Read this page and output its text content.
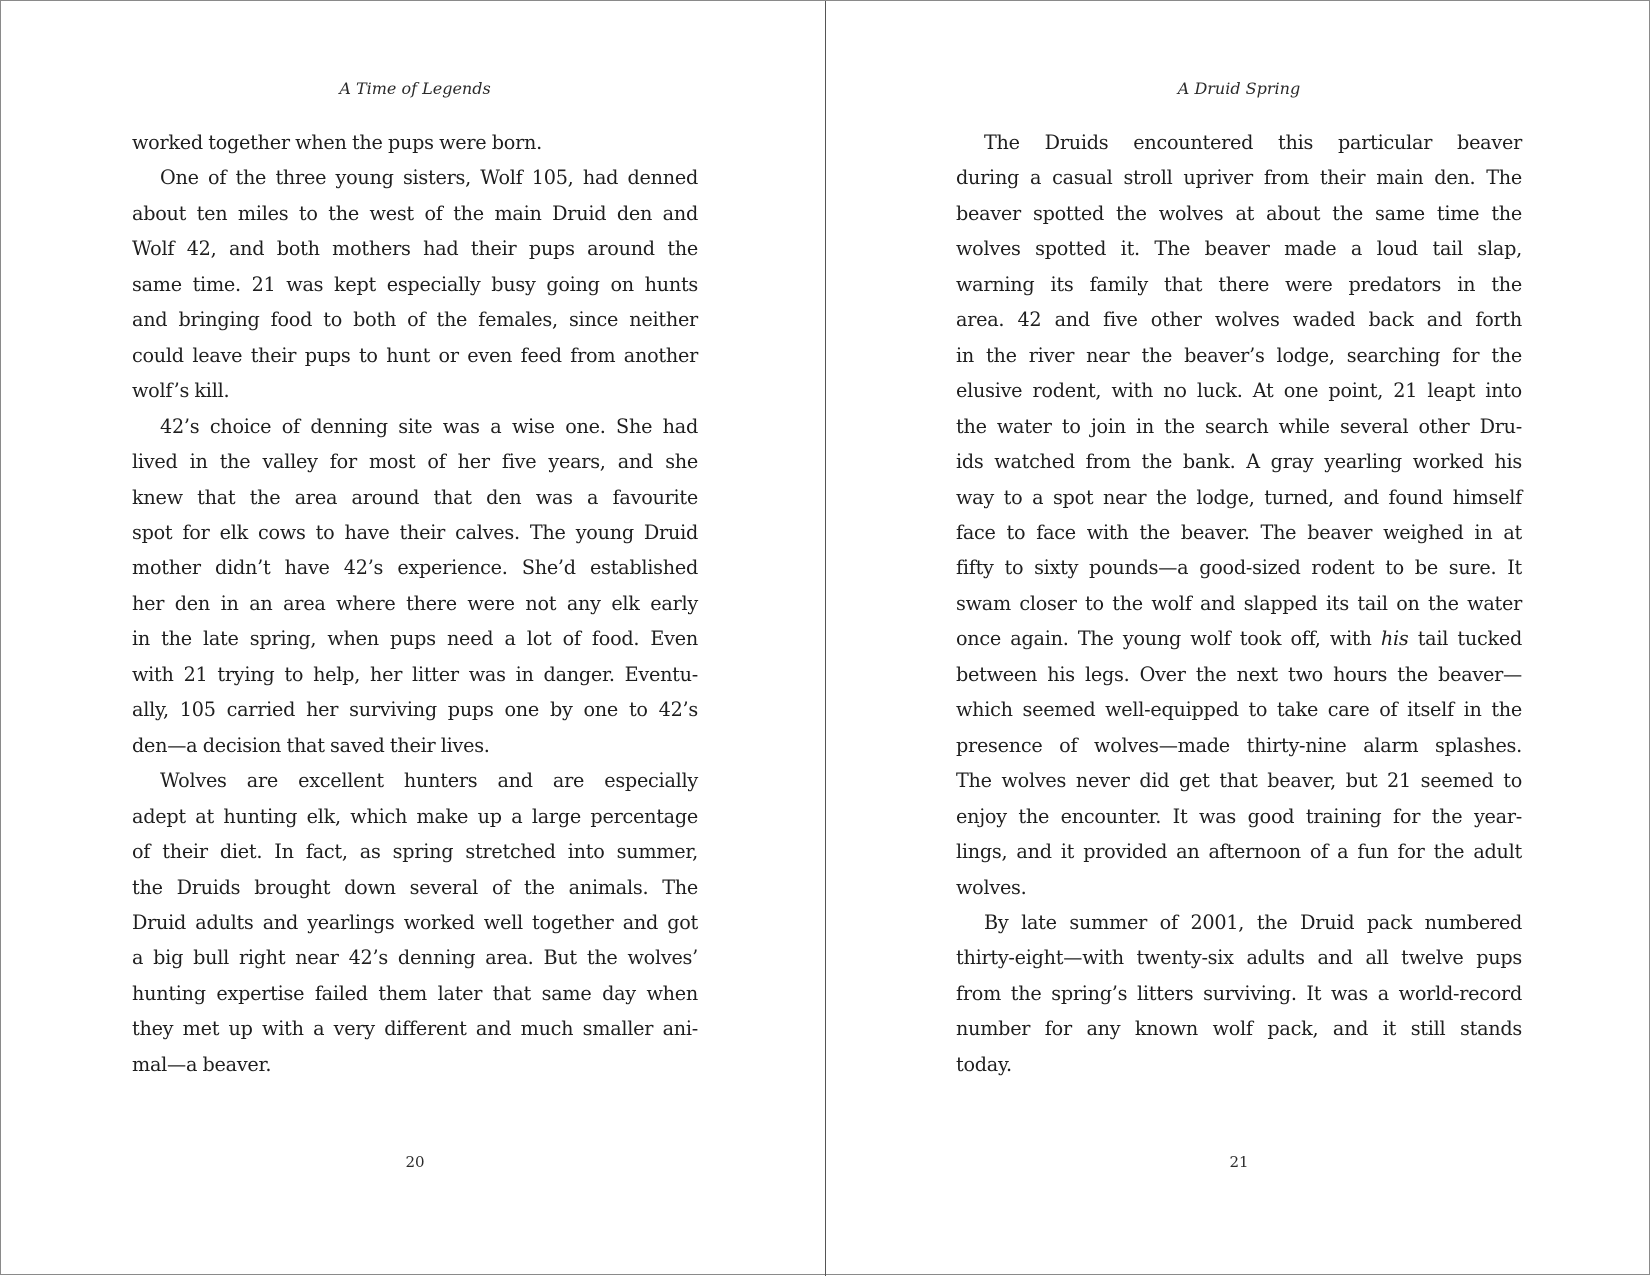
A Time of Legends
worked together when the pups were born.
One of the three young sisters, Wolf 105, had denned
about ten miles to the west of the main Druid den and
Wolf 42, and both mothers had their pups around the
same time. 21 was kept especially busy going on hunts
and bringing food to both of the females, since neither
could leave their pups to hunt or even feed from another
wolf’s kill.
42’s choice of denning site was a wise one. She had
lived in the valley for most of her five years, and she
knew that the area around that den was a favourite
spot for elk cows to have their calves. The young Druid
mother didn’t have 42’s experience. She’d established
her den in an area where there were not any elk early
in the late spring, when pups need a lot of food. Even
with 21 trying to help, her litter was in danger. Eventu-
ally, 105 carried her surviving pups one by one to 42’s
den—a decision that saved their lives.
Wolves are excellent hunters and are especially
adept at hunting elk, which make up a large percentage
of their diet. In fact, as spring stretched into summer,
the Druids brought down several of the animals. The
Druid adults and yearlings worked well together and got
a big bull right near 42’s denning area. But the wolves’
hunting expertise failed them later that same day when
they met up with a very different and much smaller ani-
mal—a beaver.
20
A Druid Spring
The Druids encountered this particular beaver
during a casual stroll upriver from their main den. The
beaver spotted the wolves at about the same time the
wolves spotted it. The beaver made a loud tail slap,
warning its family that there were predators in the
area. 42 and five other wolves waded back and forth
in the river near the beaver’s lodge, searching for the
elusive rodent, with no luck. At one point, 21 leapt into
the water to join in the search while several other Dru-
ids watched from the bank. A gray yearling worked his
way to a spot near the lodge, turned, and found himself
face to face with the beaver. The beaver weighed in at
fifty to sixty pounds—a good-sized rodent to be sure. It
swam closer to the wolf and slapped its tail on the water
once again. The young wolf took off, with his tail tucked
between his legs. Over the next two hours the beaver—
which seemed well-equipped to take care of itself in the
presence of wolves—made thirty-nine alarm splashes.
The wolves never did get that beaver, but 21 seemed to
enjoy the encounter. It was good training for the year-
lings, and it provided an afternoon of a fun for the adult
wolves.
By late summer of 2001, the Druid pack numbered
thirty-eight—with twenty-six adults and all twelve pups
from the spring’s litters surviving. It was a world-record
number for any known wolf pack, and it still stands
today.
21
